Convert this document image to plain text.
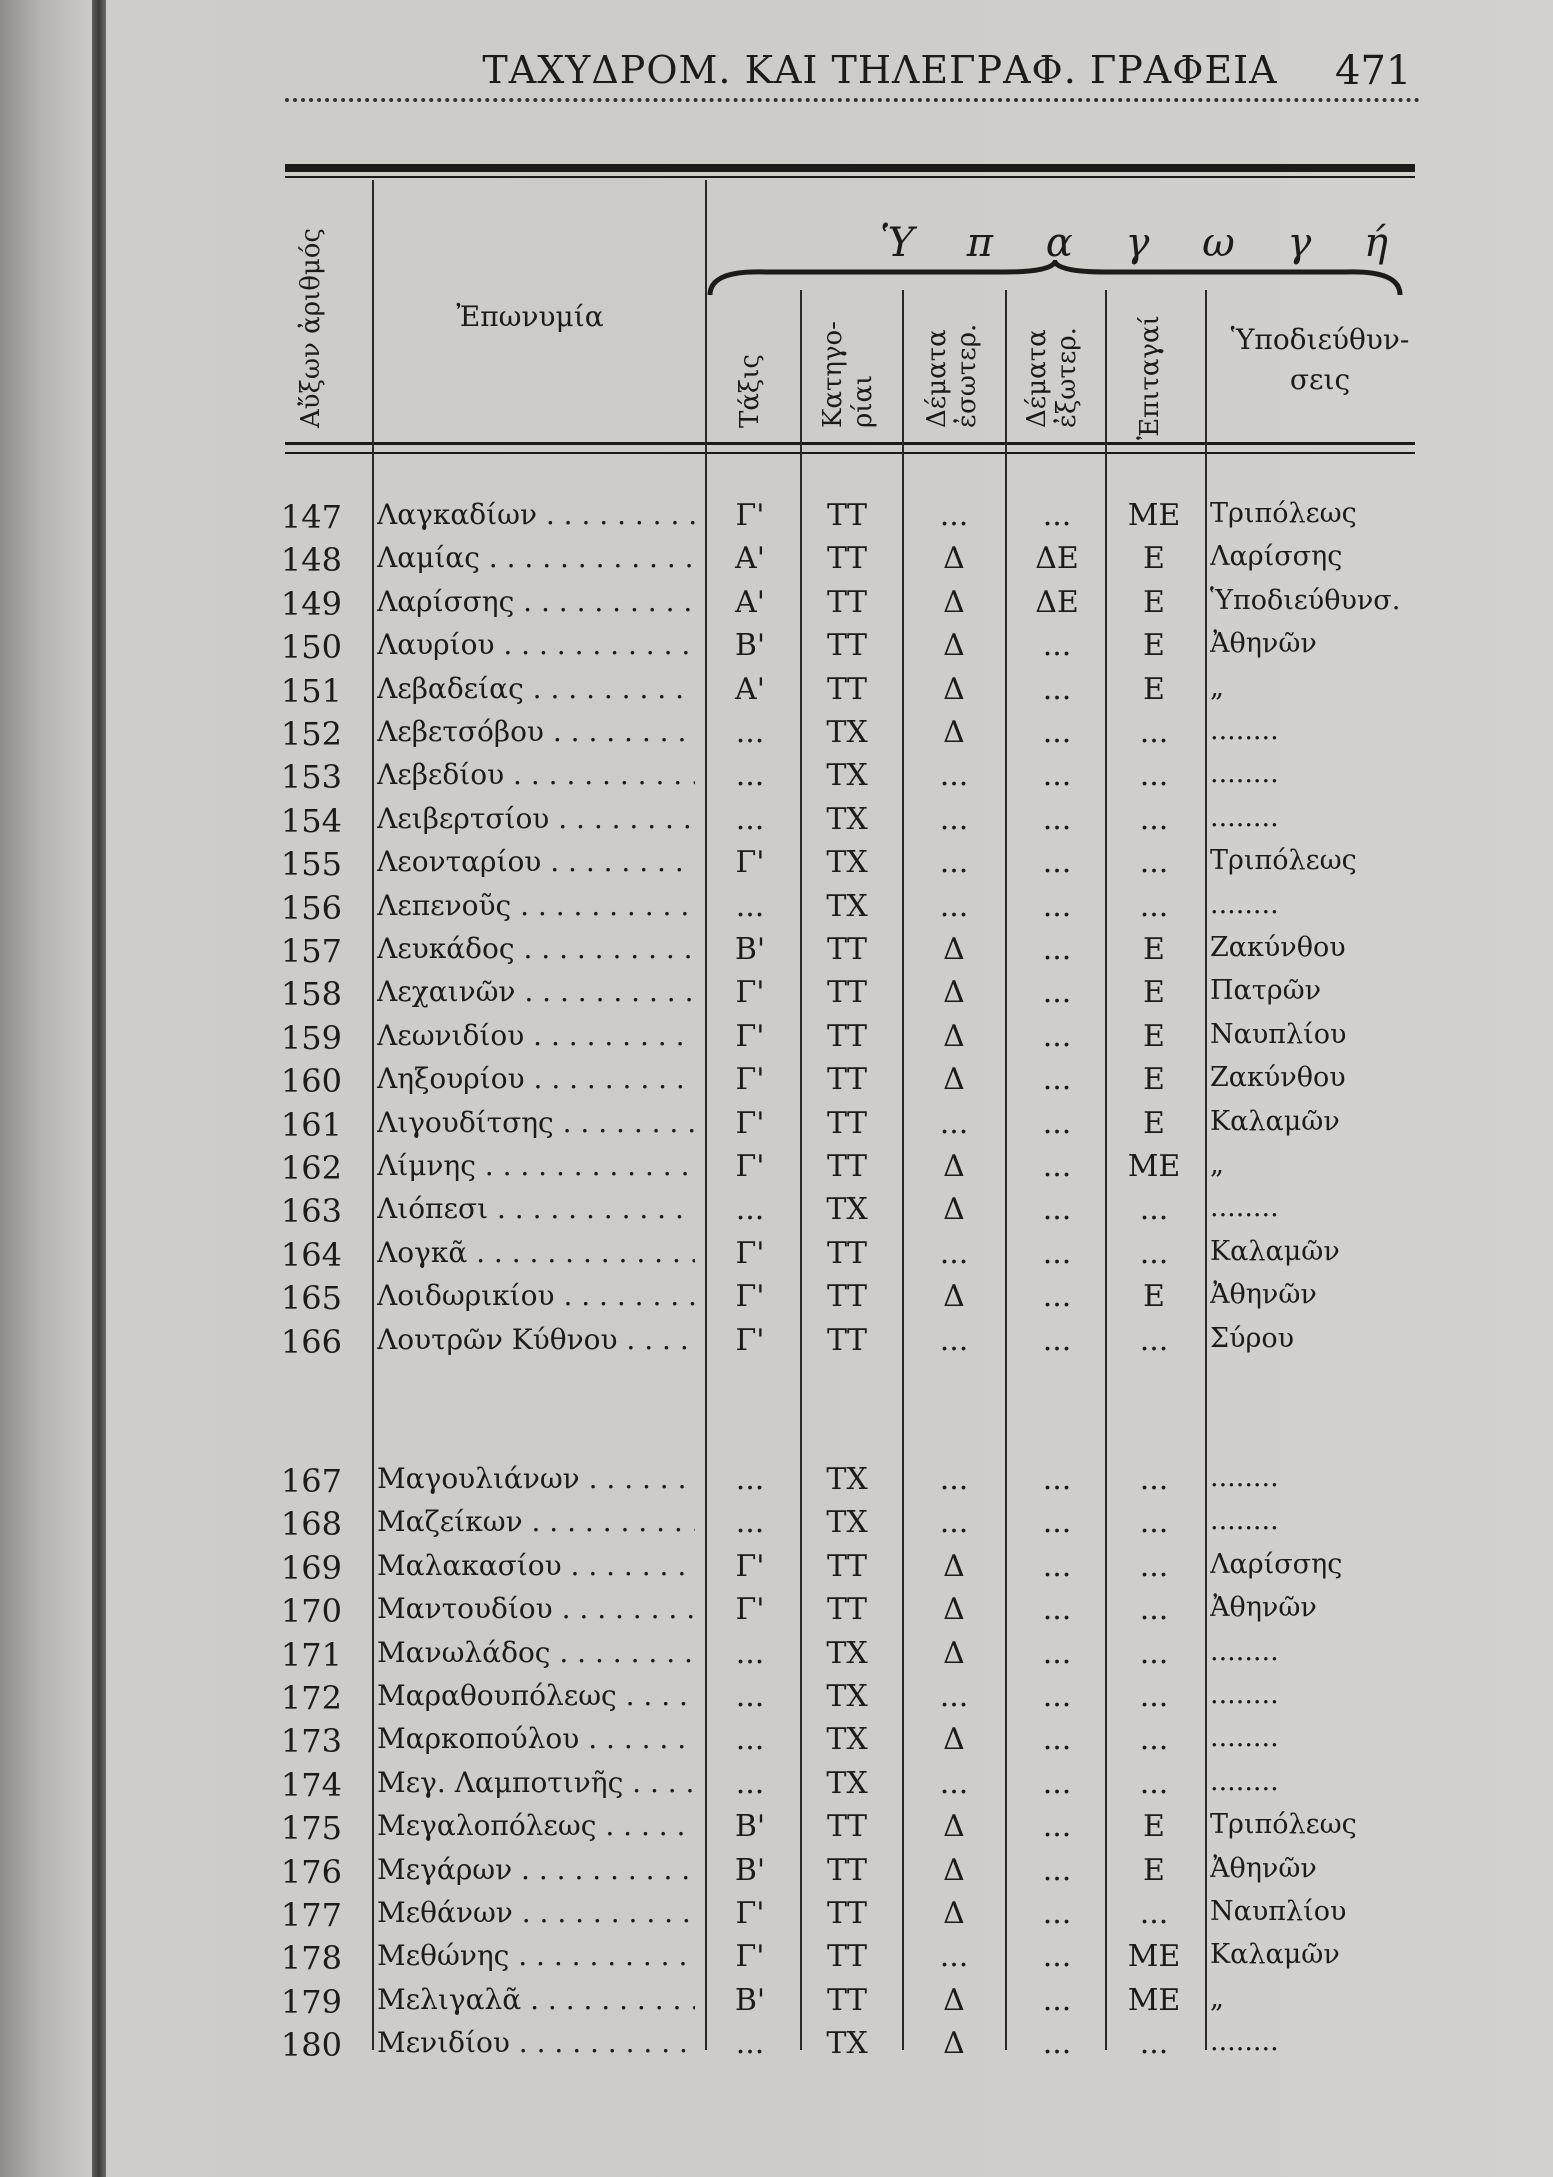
ΤΑΧΥΔΡΟΜ. ΚΑΙ ΤΗΛΕΓΡΑΦ. ΓΡΑΦΕΙΑ	471
Αὔξων ἀριθμός	Ἐπωνυμία
Ὑ π α γ ω γ ή
Τάξις Κατηγο-ρίαι Δέματα ἐσωτερ. Δέματα ἐξωτερ. Ἐπιταγαί	Ὑποδιεύθυν-σεις
147 Λαγκαδίων . . .	Γ'	ΤΤ	...	...	ΜΕ	Τριπόλεως
148 Λαμίας . . .	Α'	ΤΤ	Δ	ΔΕ	Ε	Λαρίσσης
149 Λαρίσσης . . .	Α'	ΤΤ	Δ	ΔΕ	Ε	Ὑποδιεύθυνσ.
150 Λαυρίου . . .	Β'	ΤΤ	Δ	...	Ε	Ἀθηνῶν
151 Λεβαδείας . . .	Α'	ΤΤ	Δ	...	Ε	„
152 Λεβετσόβου . . .	...	ΤΧ	Δ	...	...	........
153 Λεβεδίου . . .	...	ΤΧ	...	...	...	........
154 Λειβερτσίου . . .	...	ΤΧ	...	...	...	........
155 Λεονταρίου . . .	Γ'	ΤΧ	...	...	...	Τριπόλεως
156 Λεπενοῦς . . .	...	ΤΧ	...	...	...	........
157 Λευκάδος . . .	Β'	ΤΤ	Δ	...	Ε	Ζακύνθου
158 Λεχαινῶν . . .	Γ'	ΤΤ	Δ	...	Ε	Πατρῶν
159 Λεωνιδίου . . .	Γ'	ΤΤ	Δ	...	Ε	Ναυπλίου
160 Ληξουρίου . . .	Γ'	ΤΤ	Δ	...	Ε	Ζακύνθου
161 Λιγουδίτσης . . .	Γ'	ΤΤ	...	...	Ε	Καλαμῶν
162 Λίμνης . . .	Γ'	ΤΤ	Δ	...	ΜΕ	„
163 Λιόπεσι . . .	...	ΤΧ	Δ	...	...	........
164 Λογκᾶ . . .	Γ'	ΤΤ	...	...	...	Καλαμῶν
165 Λοιδωρικίου . . .	Γ'	ΤΤ	Δ	...	Ε	Ἀθηνῶν
166 Λουτρῶν Κύθνου . . .	Γ'	ΤΤ	...	...	...	Σύρου
167 Μαγουλιάνων . . .	...	ΤΧ	...	...	...	........
168 Μαζείκων . . .	...	ΤΧ	...	...	...	........
169 Μαλακασίου . . .	Γ'	ΤΤ	Δ	...	...	Λαρίσσης
170 Μαντουδίου . . .	Γ'	ΤΤ	Δ	...	...	Ἀθηνῶν
171 Μανωλάδος . . .	...	ΤΧ	Δ	...	...	........
172 Μαραθουπόλεως . . .	...	ΤΧ	...	...	...	........
173 Μαρκοπούλου . . .	...	ΤΧ	Δ	...	...	........
174 Μεγ. Λαμποτινῆς . . .	...	ΤΧ	...	...	...	........
175 Μεγαλοπόλεως . . .	Β'	ΤΤ	Δ	...	Ε	Τριπόλεως
176 Μεγάρων . . .	Β'	ΤΤ	Δ	...	Ε	Ἀθηνῶν
177 Μεθάνων . . .	Γ'	ΤΤ	Δ	...	...	Ναυπλίου
178 Μεθώνης . . .	Γ'	ΤΤ	...	...	ΜΕ	Καλαμῶν
179 Μελιγαλᾶ . . .	Β'	ΤΤ	Δ	...	ΜΕ	„
180 Μενιδίου . . .	...	ΤΧ	Δ	...	...	........
